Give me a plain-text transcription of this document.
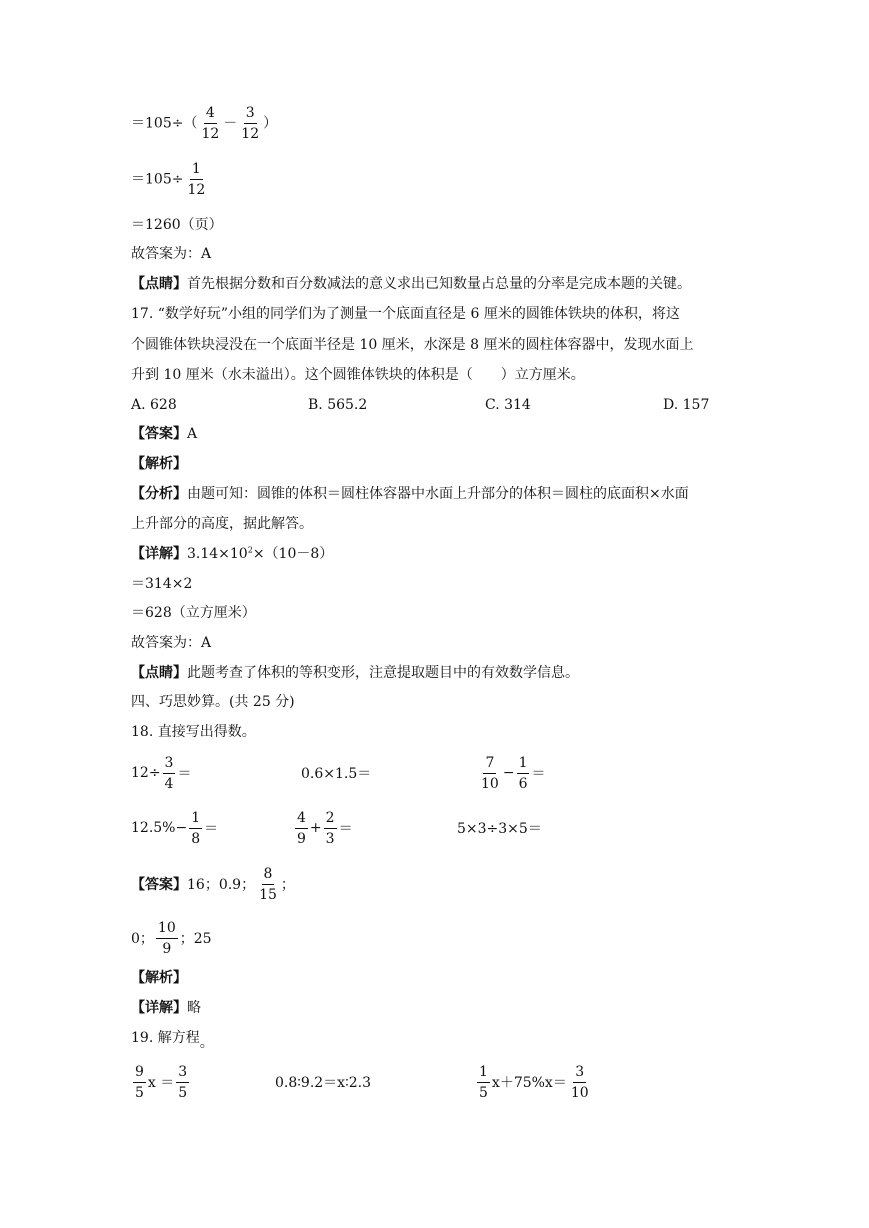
$=105\div( \frac{4}{12} - \frac{3}{12}$ ）
$=105\div \frac{1}{12}$
＝1260（页）
故答案为：A
【点睛】首先根据分数和百分数减法的意义求出已知数量占总量的分率是完成本题的关键。
17. “数学好玩”小组的同学们为了测量一个底面直径是 6 厘米的圆锥体铁块的体积，将这
个圆锥体铁块浸没在一个底面半径是 10 厘米，水深是 8 厘米的圆柱体容器中，发现水面上
升到 10 厘米（水未溢出）。这个圆锥体铁块的体积是（　　）立方厘米。
A. 628	B. 565.2	C. 314	D. 157
【答案】A
【解析】
【分析】由题可知：圆锥的体积＝圆柱体容器中水面上升部分的体积＝圆柱的底面积×水面
上升部分的高度，据此解答。
【详解】$3.14\times 10^2\times(10-8)$
＝314×2
＝628（立方厘米）
故答案为：A
【点睛】此题考查了体积的等积变形，注意提取题目中的有效数学信息。
四、巧思妙算。(共 25 分)
18. 直接写出得数。
$12\div \frac{3}{4}$ ＝	0.6×1.5＝	$\frac{7}{10} - \frac{1}{6}$ ＝
$12.5\%- \frac{1}{8}$ ＝	$\frac{4}{9} + \frac{2}{3}$ ＝	5×3÷3×5＝
【答案】 16；0.9； $\frac{8}{15}$ ；
0； $\frac{10}{9}$ ；25
【解析】
【详解】略
19. 解方程。
$\frac{9}{5}$ $x = \frac{3}{5}$	0.8∶9.2＝x∶2.3	$\frac{1}{5} x+75\%x= \frac{3}{10}$
